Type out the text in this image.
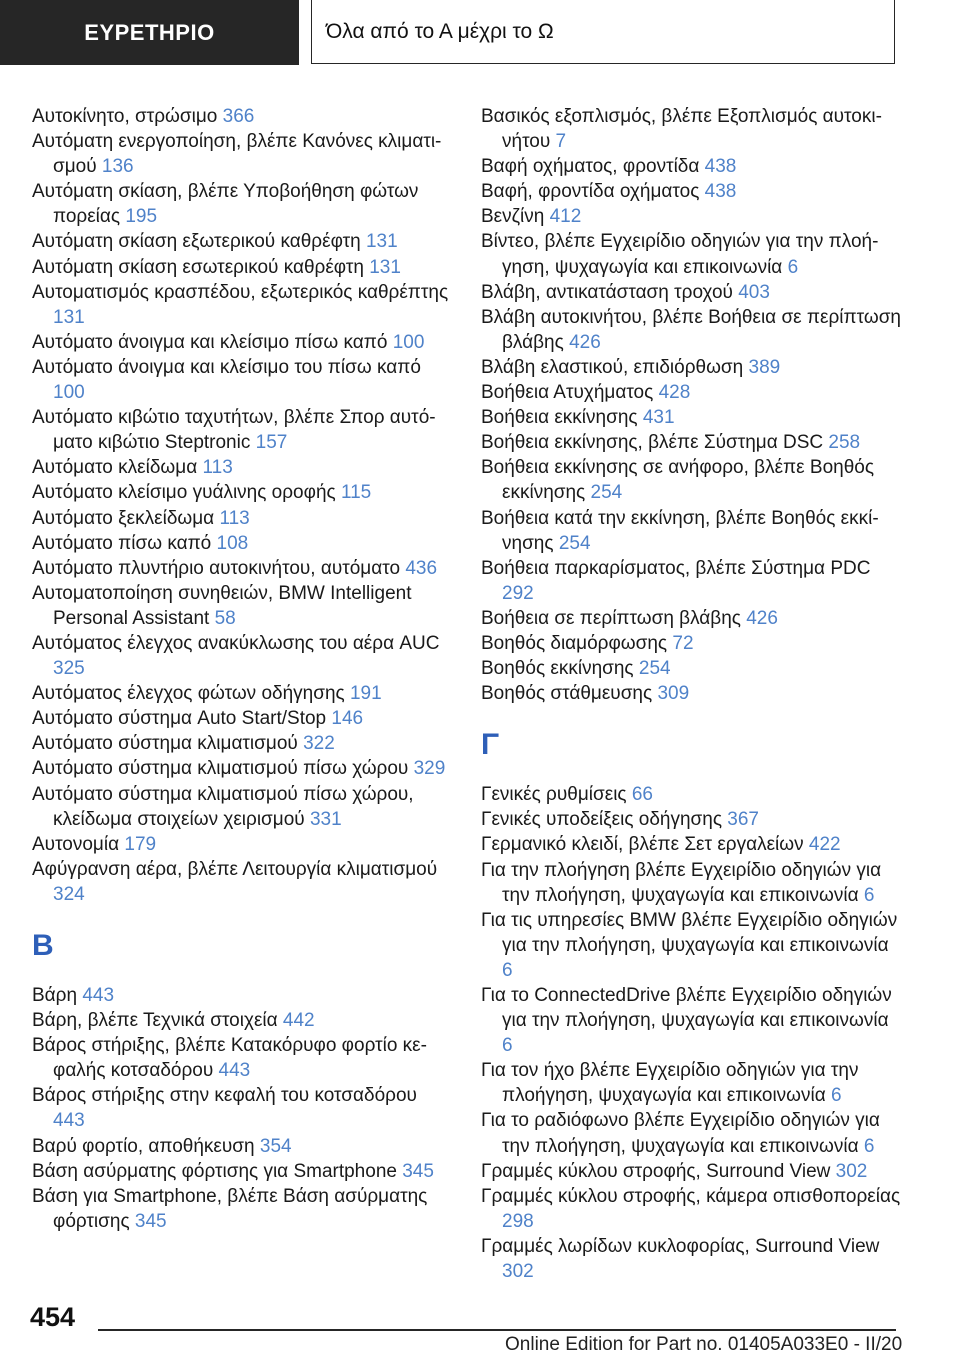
ΕΥΡΕΤΗΡΙΟ	Όλα από το Α μέχρι το Ω
Αυτοκίνητο, στρώσιμο 366
Αυτόματη ενεργοποίηση, βλέπε Κανόνες κλιματισμού 136
Αυτόματη σκίαση, βλέπε Υποβοήθηση φώτων πορείας 195
Αυτόματη σκίαση εξωτερικού καθρέφτη 131
Αυτόματη σκίαση εσωτερικού καθρέφτη 131
Αυτοματισμός κρασπέδου, εξωτερικός καθρέπτης 131
Αυτόματο άνοιγμα και κλείσιμο πίσω καπό 100
Αυτόματο άνοιγμα και κλείσιμο του πίσω καπό 100
Αυτόματο κιβώτιο ταχυτήτων, βλέπε Σπορ αυτόματο κιβώτιο Steptronic 157
Αυτόματο κλείδωμα 113
Αυτόματο κλείσιμο γυάλινης οροφής 115
Αυτόματο ξεκλείδωμα 113
Αυτόματο πίσω καπό 108
Αυτόματο πλυντήριο αυτοκινήτου, αυτόματο 436
Αυτοματοποίηση συνηθειών, BMW Intelligent Personal Assistant 58
Αυτόματος έλεγχος ανακύκλωσης του αέρα AUC 325
Αυτόματος έλεγχος φώτων οδήγησης 191
Αυτόματο σύστημα Auto Start/Stop 146
Αυτόματο σύστημα κλιματισμού 322
Αυτόματο σύστημα κλιματισμού πίσω χώρου 329
Αυτόματο σύστημα κλιματισμού πίσω χώρου, κλείδωμα στοιχείων χειρισμού 331
Αυτονομία 179
Αφύγρανση αέρα, βλέπε Λειτουργία κλιματισμού 324
Β
Βάρη 443
Βάρη, βλέπε Τεχνικά στοιχεία 442
Βάρος στήριξης, βλέπε Κατακόρυφο φορτίο κεφαλής κοτσαδόρου 443
Βάρος στήριξης στην κεφαλή του κοτσαδόρου 443
Βαρύ φορτίο, αποθήκευση 354
Βάση ασύρματης φόρτισης για Smartphone 345
Βάση για Smartphone, βλέπε Βάση ασύρματης φόρτισης 345
Βασικός εξοπλισμός, βλέπε Εξοπλισμός αυτοκινήτου 7
Βαφή οχήματος, φροντίδα 438
Βαφή, φροντίδα οχήματος 438
Βενζίνη 412
Βίντεο, βλέπε Εγχειρίδιο οδηγιών για την πλοήγηση, ψυχαγωγία και επικοινωνία 6
Βλάβη, αντικατάσταση τροχού 403
Βλάβη αυτοκινήτου, βλέπε Βοήθεια σε περίπτωση βλάβης 426
Βλάβη ελαστικού, επιδιόρθωση 389
Βοήθεια Ατυχήματος 428
Βοήθεια εκκίνησης 431
Βοήθεια εκκίνησης, βλέπε Σύστημα DSC 258
Βοήθεια εκκίνησης σε ανήφορο, βλέπε Βοηθός εκκίνησης 254
Βοήθεια κατά την εκκίνηση, βλέπε Βοηθός εκκίνησης 254
Βοήθεια παρκαρίσματος, βλέπε Σύστημα PDC 292
Βοήθεια σε περίπτωση βλάβης 426
Βοηθός διαμόρφωσης 72
Βοηθός εκκίνησης 254
Βοηθός στάθμευσης 309
Γ
Γενικές ρυθμίσεις 66
Γενικές υποδείξεις οδήγησης 367
Γερμανικό κλειδί, βλέπε Σετ εργαλείων 422
Για την πλοήγηση βλέπε Εγχειρίδιο οδηγιών για την πλοήγηση, ψυχαγωγία και επικοινωνία 6
Για τις υπηρεσίες BMW βλέπε Εγχειρίδιο οδηγιών για την πλοήγηση, ψυχαγωγία και επικοινωνία 6
Για το ConnectedDrive βλέπε Εγχειρίδιο οδηγιών για την πλοήγηση, ψυχαγωγία και επικοινωνία 6
Για τον ήχο βλέπε Εγχειρίδιο οδηγιών για την πλοήγηση, ψυχαγωγία και επικοινωνία 6
Για το ραδιόφωνο βλέπε Εγχειρίδιο οδηγιών για την πλοήγηση, ψυχαγωγία και επικοινωνία 6
Γραμμές κύκλου στροφής, Surround View 302
Γραμμές κύκλου στροφής, κάμερα οπισθοπορείας 298
Γραμμές λωρίδων κυκλοφορίας, Surround View 302
454
Online Edition for Part no. 01405A033E0 - II/20
